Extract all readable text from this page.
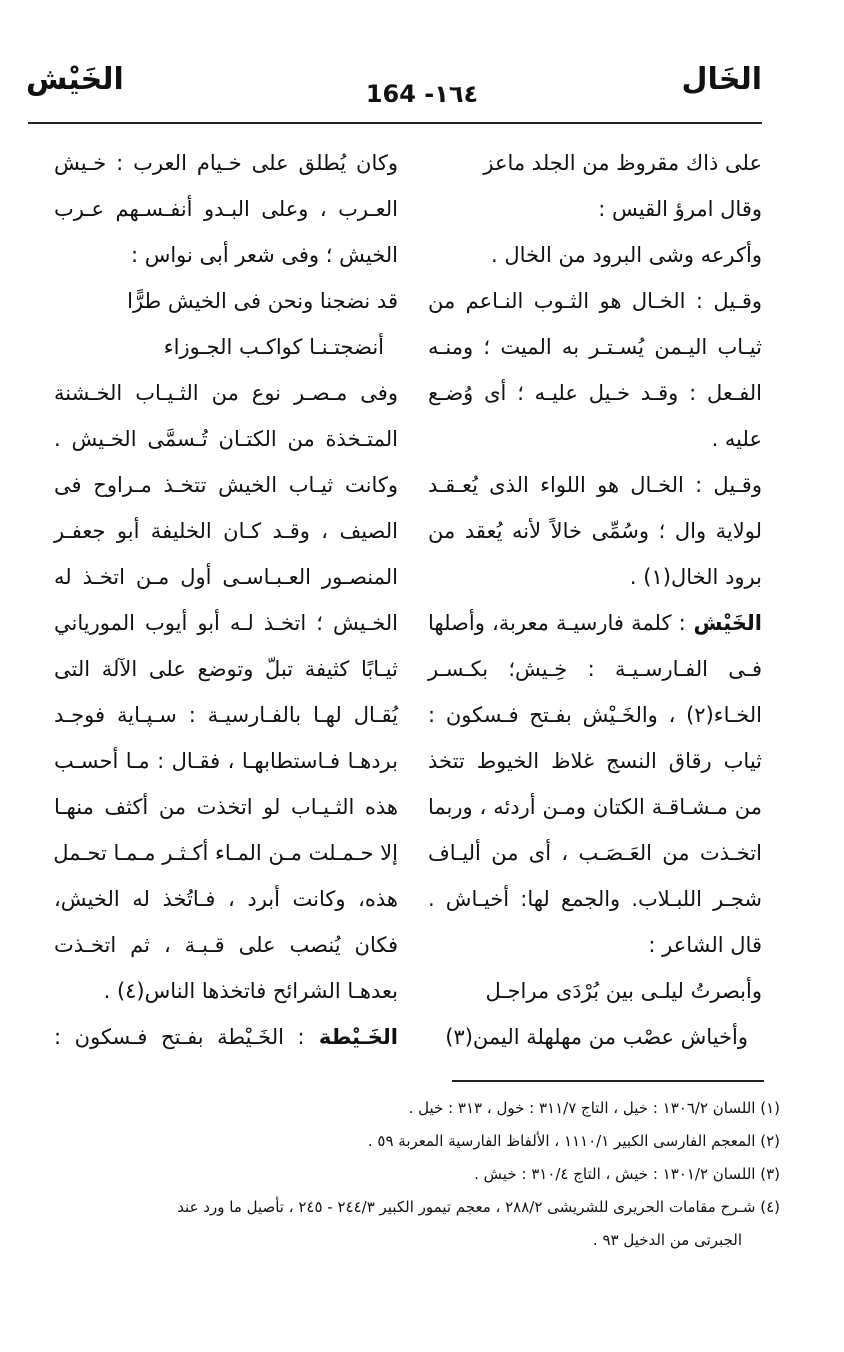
الخَال
164 -١٦٤
الخَيْش
على ذاك مقروظ من الجلد ماعز
وقال امرؤ القيس :
وأكرعه وشى البرود من الخال .
وقـيل : الخـال هو الثـوب النـاعم من
ثيـاب اليـمن يُسـتـر به الميت ؛ ومنـه
الفـعل : وقـد خـيل عليـه ؛ أى وُضـع
عليه .
وقـيل : الخـال هو اللواء الذى يُعـقـد
لولاية وال ؛ وسُمِّى خالاً لأنه يُعقد من
برود الخال(١) .
الخَيْش : كلمة فارسيـة معربة، وأصلها
فـى الفـارسـيـة : خِـيش؛ بكـسـر
الخـاء(٢) ، والخَـيْش بفـتح فـسكون :
ثياب رقاق النسج غلاظ الخيوط تتخذ
من مـشـاقـة الكتان ومـن أردئه ، وربما
اتخـذت من العَـصَـب ، أى من أليـاف
شجـر اللبـلاب. والجمع لها: أخيـاش .
قال الشاعر :
وأبصرتُ ليلـى بين بُرْدَى مراجـل
وأخياش عصْب من مهلهلة اليمن(٣)
وكان يُطلق على خـيام العرب : خـيش
العـرب ، وعلى البـدو أنفـسـهم عـرب
الخيش ؛ وفى شعر أبى نواس :
قد نضجنا ونحن فى الخيش طرًّا
أنضجتـنـا كواكـب الجـوزاء
وفى مـصـر نوع من الثـيـاب الخـشنة
المتـخذة من الكتـان تُـسمَّى الخـيش .
وكانت ثيـاب الخيش تتخـذ مـراوح فى
الصيف ، وقـد كـان الخليفة أبو جعفـر
المنصـور العـبـاسـى أول مـن اتخـذ له
الخـيش ؛ اتخـذ لـه أبو أيوب المورياني
ثيـابًا كثيفة تبلّ وتوضع على الآلة التى
يُقـال لهـا بالفـارسيـة : سـپـاية فوجـد
بردهـا فـاستطابهـا ، فقـال : مـا أحسـب
هذه الثـيـاب لو اتخذت من أكثف منهـا
إلا حـمـلت مـن المـاء أكـثـر مـمـا تحـمل
هذه، وكانت أبرد ، فـاتُخذ له الخيش،
فكان يُنصب على قـبـة ، ثم اتخـذت
بعدهـا الشرائح فاتخذها الناس(٤) .
الخَـيْطة : الخَـيْطة بفـتح فـسكون :
(١) اللسان ١٣٠٦/٢ : خيل ، التاج ٣١١/٧ : خول ، ٣١٣ : خيل .
(٢) المعجم الفارسى الكبير ١١١٠/١ ، الألفاظ الفارسية المعربة ٥٩ .
(٣) اللسان ١٣٠١/٢ : خيش ، التاج ٣١٠/٤ : خيش .
(٤) شـرح مقامات الحريرى للشريشى ٢٨٨/٢ ، معجم تيمور الكبير ٢٤٤/٣ - ٢٤٥ ، تأصيل ما ورد عند
الجبرتى من الدخيل ٩٣ .
